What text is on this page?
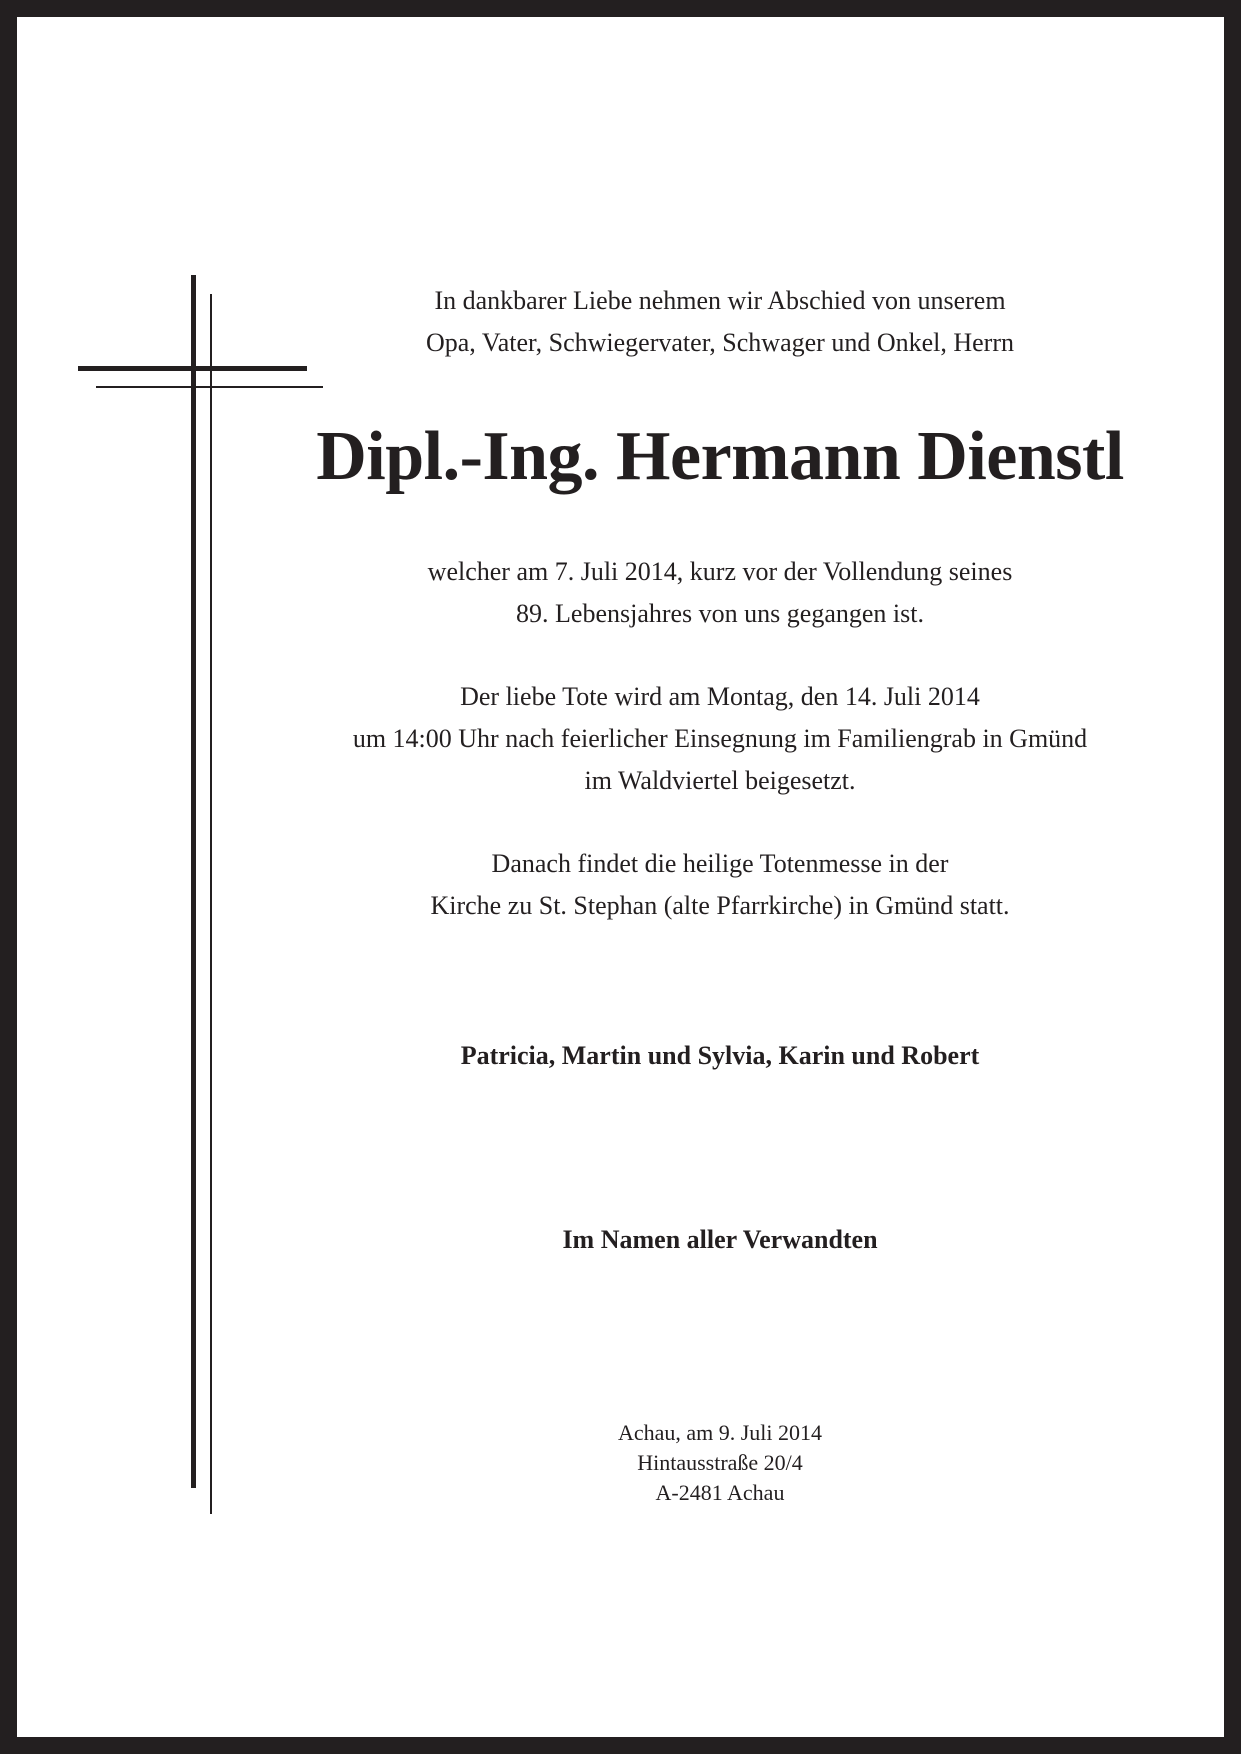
In dankbarer Liebe nehmen wir Abschied von unserem
Opa, Vater, Schwiegervater, Schwager und Onkel, Herrn
Dipl.-Ing. Hermann Dienstl
welcher am 7. Juli 2014, kurz vor der Vollendung seines
89. Lebensjahres von uns gegangen ist.
Der liebe Tote wird am Montag, den 14. Juli 2014
um 14:00 Uhr nach feierlicher Einsegnung im Familiengrab in Gmünd
im Waldviertel beigesetzt.
Danach findet die heilige Totenmesse in der
Kirche zu St. Stephan (alte Pfarrkirche) in Gmünd statt.
Patricia, Martin und Sylvia, Karin und Robert
Im Namen aller Verwandten
Achau, am 9. Juli 2014
Hintausstraße 20/4
A-2481 Achau
